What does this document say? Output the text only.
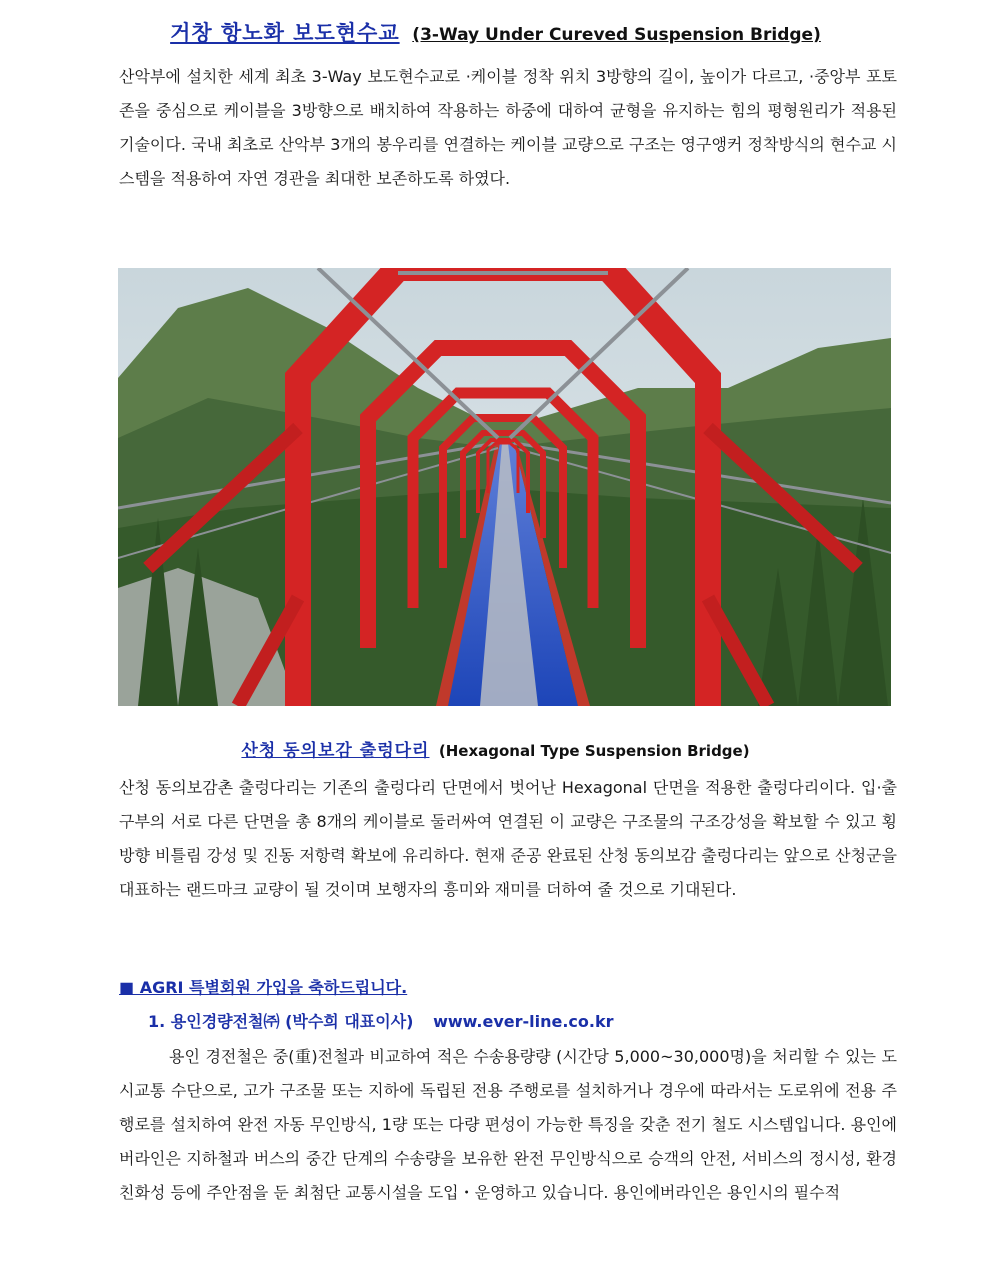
거창 항노화 보도현수교 (3-Way Under Cureved Suspension Bridge)
산악부에 설치한 세계 최초 3-Way 보도현수교로 ·케이블 정착 위치 3방향의 길이, 높이가 다르고, ·중앙부 포토존을 중심으로 케이블을 3방향으로 배치하여 작용하는 하중에 대하여 균형을 유지하는 힘의 평형원리가 적용된 기술이다. 국내 최초로 산악부 3개의 봉우리를 연결하는 케이블 교량으로 구조는 영구앵커 정착방식의 현수교 시스템을 적용하여 자연 경관을 최대한 보존하도록 하였다.
산청 동의보감 출렁다리 (Hexagonal Type Suspension Bridge)
산청 동의보감촌 출렁다리는 기존의 출렁다리 단면에서 벗어난 Hexagonal 단면을 적용한 출렁다리이다. 입·출구부의 서로 다른 단면을 총 8개의 케이블로 둘러싸여 연결된 이 교량은 구조물의 구조강성을 확보할 수 있고 횡방향 비틀림 강성 및 진동 저항력 확보에 유리하다. 현재 준공 완료된 산청 동의보감 출렁다리는 앞으로 산청군을 대표하는 랜드마크 교량이 될 것이며 보행자의 흥미와 재미를 더하여 줄 것으로 기대된다.
■ AGRI 특별회원 가입을 축하드립니다.
1. 용인경량전철㈜ (박수희 대표이사) www.ever-line.co.kr
용인 경전철은 중(重)전철과 비교하여 적은 수송용량량 (시간당 5,000~30,000명)을 처리할 수 있는 도시교통 수단으로, 고가 구조물 또는 지하에 독립된 전용 주행로를 설치하거나 경우에 따라서는 도로위에 전용 주행로를 설치하여 완전 자동 무인방식, 1량 또는 다량 편성이 가능한 특징을 갖춘 전기 철도 시스템입니다. 용인에버라인은 지하철과 버스의 중간 단계의 수송량을 보유한 완전 무인방식으로 승객의 안전, 서비스의 정시성, 환경친화성 등에 주안점을 둔 최첨단 교통시설을 도입・운영하고 있습니다. 용인에버라인은 용인시의 필수적
